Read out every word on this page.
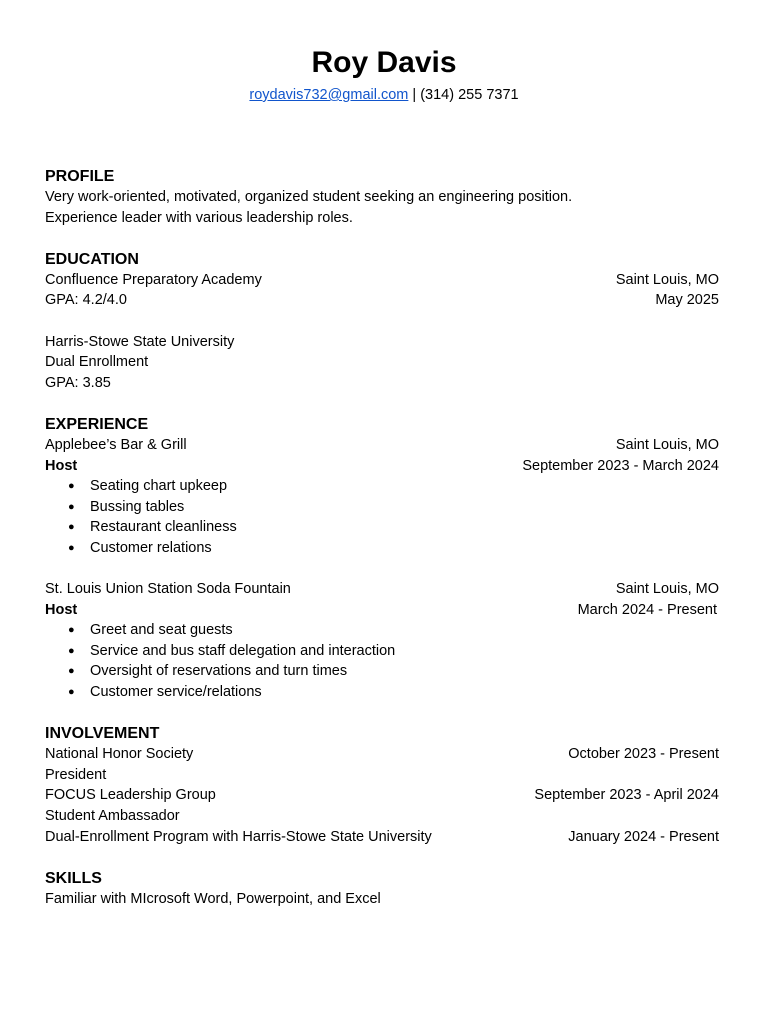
Roy Davis
roydavis732@gmail.com | (314) 255 7371
PROFILE
Very work-oriented, motivated, organized student seeking an engineering position.
Experience leader with various leadership roles.
EDUCATION
Confluence Preparatory Academy	Saint Louis, MO
GPA: 4.2/4.0	May 2025
Harris-Stowe State University
Dual Enrollment
GPA: 3.85
EXPERIENCE
Applebee’s Bar & Grill	Saint Louis, MO
Host	September 2023 - March 2024
● Seating chart upkeep
● Bussing tables
● Restaurant cleanliness
● Customer relations
St. Louis Union Station Soda Fountain	Saint Louis, MO
Host	March 2024 - Present
● Greet and seat guests
● Service and bus staff delegation and interaction
● Oversight of reservations and turn times
● Customer service/relations
INVOLVEMENT
National Honor Society	October 2023 - Present
President
FOCUS Leadership Group	September 2023 - April 2024
Student Ambassador
Dual-Enrollment Program with Harris-Stowe State University	January 2024 - Present
SKILLS
Familiar with MIcrosoft Word, Powerpoint, and Excel
